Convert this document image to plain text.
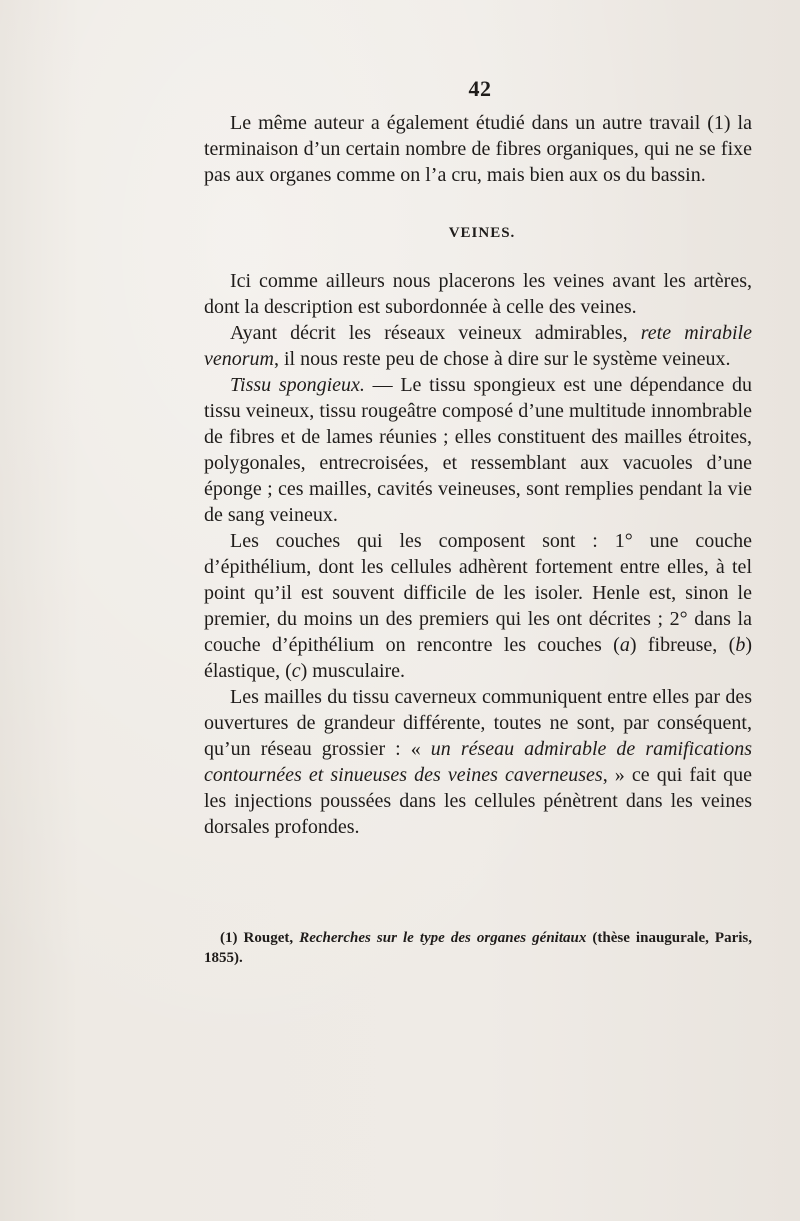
42

Le même auteur a également étudié dans un autre travail (1) la terminaison d’un certain nombre de fibres organiques, qui ne se fixe pas aux organes comme on l’a cru, mais bien aux os du bassin.

VEINES.

Ici comme ailleurs nous placerons les veines avant les artères, dont la description est subordonnée à celle des veines.

Ayant décrit les réseaux veineux admirables, rete mirabile venorum, il nous reste peu de chose à dire sur le système veineux.

Tissu spongieux. — Le tissu spongieux est une dépendance du tissu veineux, tissu rougeâtre composé d’une multitude innombrable de fibres et de lames réunies ; elles constituent des mailles étroites, polygonales, entrecroisées, et ressemblant aux vacuoles d’une éponge ; ces mailles, cavités veineuses, sont remplies pendant la vie de sang veineux.

Les couches qui les composent sont : 1° une couche d’épithélium, dont les cellules adhèrent fortement entre elles, à tel point qu’il est souvent difficile de les isoler. Henle est, sinon le premier, du moins un des premiers qui les ont décrites ; 2° dans la couche d’épithélium on rencontre les couches (a) fibreuse, (b) élastique, (c) musculaire.

Les mailles du tissu caverneux communiquent entre elles par des ouvertures de grandeur différente, toutes ne sont, par conséquent, qu’un réseau grossier : « un réseau admirable de ramifications contournées et sinueuses des veines caverneuses, » ce qui fait que les injections poussées dans les cellules pénètrent dans les veines dorsales profondes.

(1) Rouget, Recherches sur le type des organes génitaux (thèse inaugurale, Paris, 1855).
